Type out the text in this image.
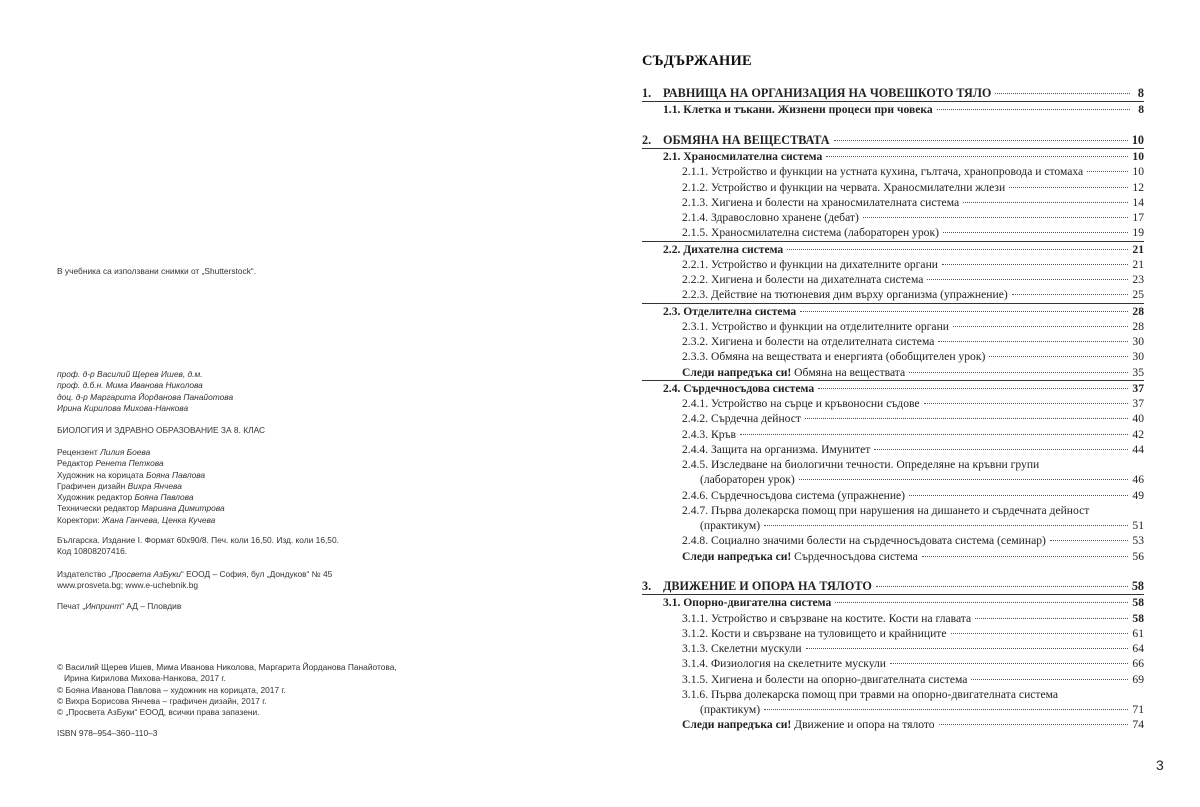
В учебника са използвани снимки от „Shutterstock“.
проф. д-р Василий Щерев Ишев, д.м.
проф. д.б.н. Мима Иванова Николова
доц. д-р Маргарита Йорданова Панайотова
Ирина Кирилова Михова-Нанкова
БИОЛОГИЯ И ЗДРАВНО ОБРАЗОВАНИЕ ЗА 8. КЛАС
Рецензент Лилия Боева
Редактор Ренета Петкова
Художник на корицата Бояна Павлова
Графичен дизайн Вихра Янчева
Художник редактор Бояна Павлова
Технически редактор Мариана Димитрова
Коректори: Жана Ганчева, Ценка Кучева
Българска. Издание I. Формат 60х90/8. Печ. коли 16,50. Изд. коли 16,50.
Код 10808207416.
Издателство „Просвета АзБуки“ ЕООД – София, бул „Дондуков“ № 45
www.prosveta.bg; www.e-uchebnik.bg
Печат „Инпринт“ АД – Пловдив
© Василий Щерев Ишев, Мима Иванова Николова, Маргарита Йорданова Панайотова,
Ирина Кирилова Михова-Нанкова, 2017 г.
© Бояна Иванова Павлова – художник на корицата, 2017 г.
© Вихра Борисова Янчева – графичен дизайн, 2017 г.
© „Просвета АзБуки“ ЕООД, всички права запазени.
ISBN 978–954–360–110–3
СЪДЪРЖАНИЕ
1. РАВНИЩА НА ОРГАНИЗАЦИЯ НА ЧОВЕШКОТО ТЯЛО	8
1.1. Клетка и тъкани. Жизнени процеси при човека	8
2. ОБМЯНА НА ВЕЩЕСТВАТА	10
2.1. Храносмилателна система	10
2.1.1. Устройство и функции на устната кухина, гълтача, хранопровода и стомаха	10
2.1.2. Устройство и функции на червата. Храносмилателни жлези	12
2.1.3. Хигиена и болести на храносмилателната система	14
2.1.4. Здравословно хранене (дебат)	17
2.1.5. Храносмилателна система (лабораторен урок)	19
2.2. Дихателна система	21
2.2.1. Устройство и функции на дихателните органи	21
2.2.2. Хигиена и болести на дихателната система	23
2.2.3. Действие на тютюневия дим върху организма (упражнение)	25
2.3. Отделителна система	28
2.3.1. Устройство и функции на отделителните органи	28
2.3.2. Хигиена и болести на отделителната система	30
2.3.3. Обмяна на веществата и енергията (обобщителен урок)	30
Следи напредъка си! Обмяна на веществата	35
2.4. Сърдечносъдова система	37
2.4.1. Устройство на сърце и кръвоносни съдове	37
2.4.2. Сърдечна дейност	40
2.4.3. Кръв	42
2.4.4. Защита на организма. Имунитет	44
2.4.5. Изследване на биологични течности. Определяне на кръвни групи
(лабораторен урок)	46
2.4.6. Сърдечносъдова система (упражнение)	49
2.4.7. Първа долекарска помощ при нарушения на дишането и сърдечната дейност
(практикум)	51
2.4.8. Социално значими болести на сърдечносъдовата система (семинар)	53
Следи напредъка си! Сърдечносъдова система	56
3. ДВИЖЕНИЕ И ОПОРА НА ТЯЛОТО	58
3.1. Опорно-двигателна система	58
3.1.1. Устройство и свързване на костите. Кости на главата	58
3.1.2. Кости и свързване на туловището и крайниците	61
3.1.3. Скелетни мускули	64
3.1.4. Физиология на скелетните мускули	66
3.1.5. Хигиена и болести на опорно-двигателната система	69
3.1.6. Първа долекарска помощ при травми на опорно-двигателната система
(практикум)	71
Следи напредъка си! Движение и опора на тялото	74
3
